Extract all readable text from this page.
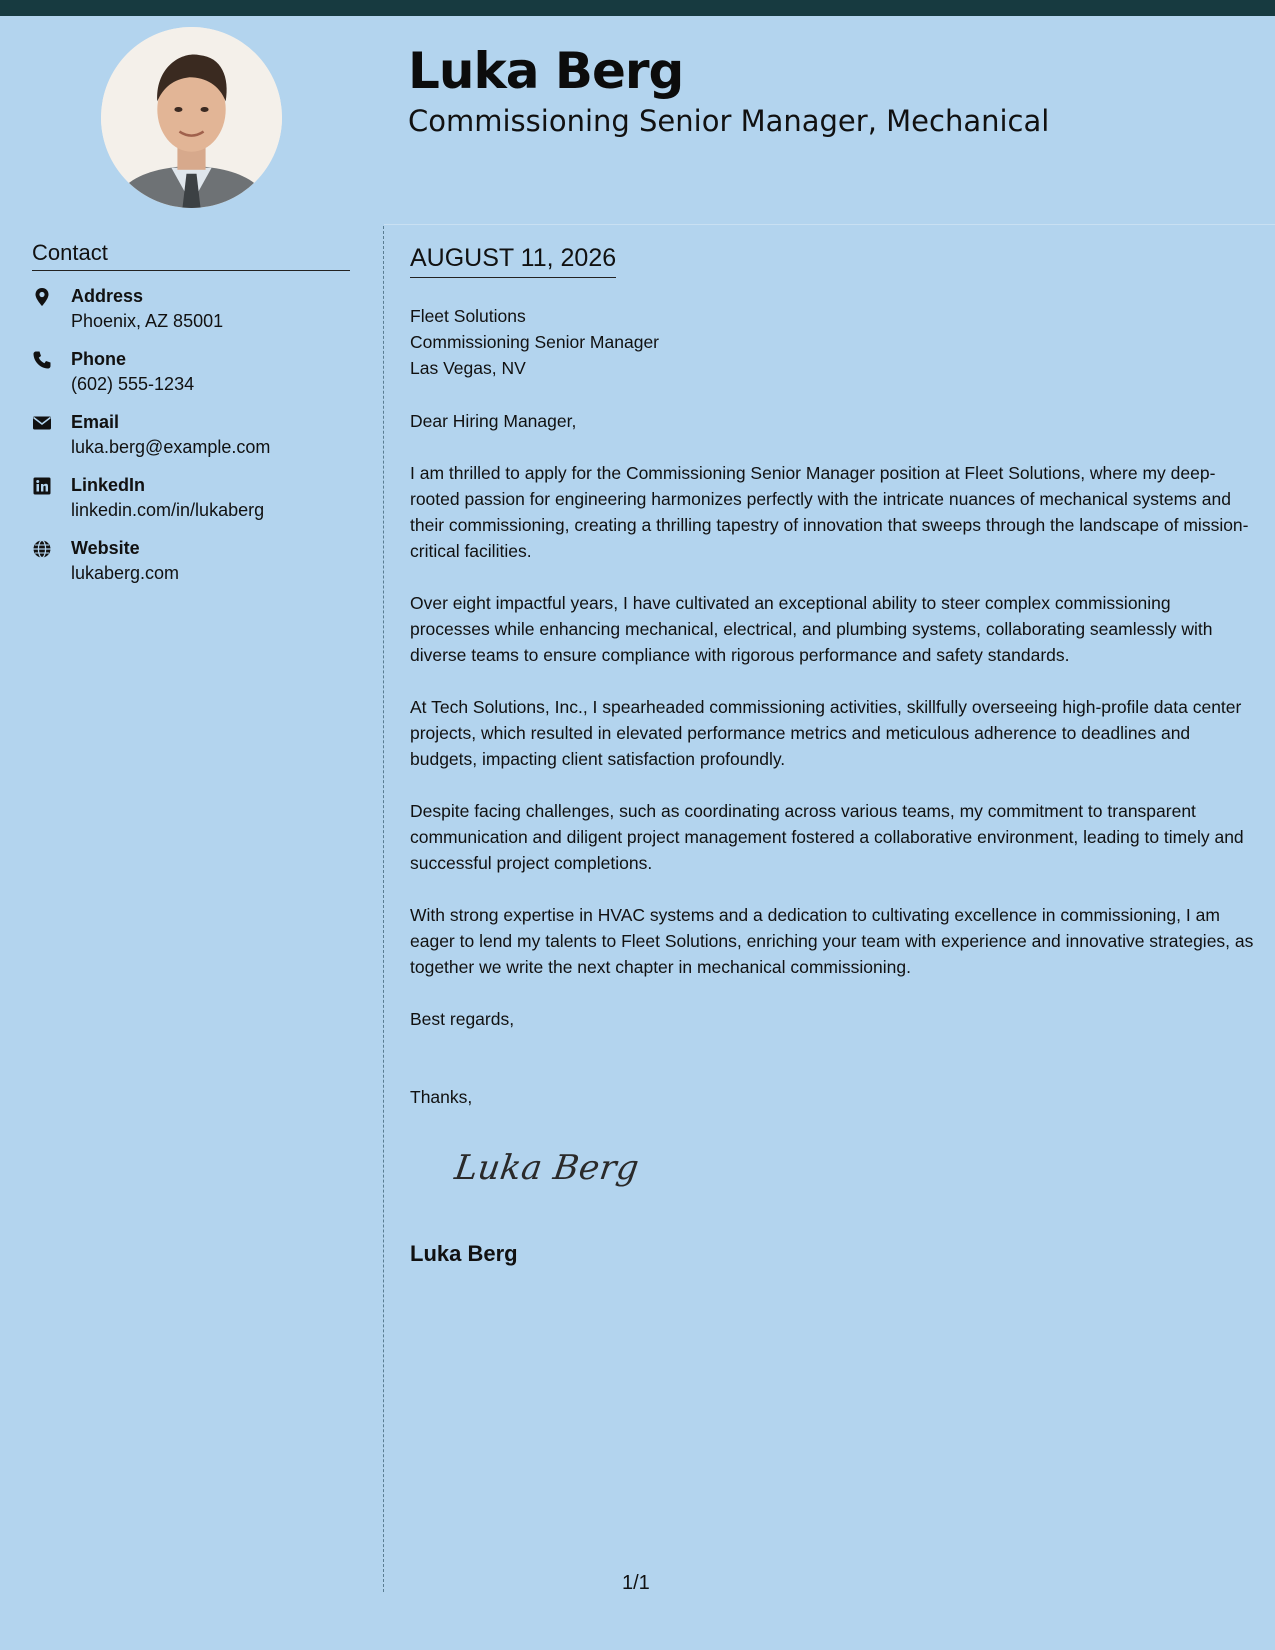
Luka Berg
Commissioning Senior Manager, Mechanical
Contact
Address
Phoenix, AZ 85001
Phone
(602) 555-1234
Email
luka.berg@example.com
LinkedIn
linkedin.com/in/lukaberg
Website
lukaberg.com
AUGUST 11, 2026
Fleet Solutions
Commissioning Senior Manager
Las Vegas, NV

Dear Hiring Manager,

I am thrilled to apply for the Commissioning Senior Manager position at Fleet Solutions, where my deep-rooted passion for engineering harmonizes perfectly with the intricate nuances of mechanical systems and their commissioning, creating a thrilling tapestry of innovation that sweeps through the landscape of mission-critical facilities.

Over eight impactful years, I have cultivated an exceptional ability to steer complex commissioning processes while enhancing mechanical, electrical, and plumbing systems, collaborating seamlessly with diverse teams to ensure compliance with rigorous performance and safety standards.

At Tech Solutions, Inc., I spearheaded commissioning activities, skillfully overseeing high-profile data center projects, which resulted in elevated performance metrics and meticulous adherence to deadlines and budgets, impacting client satisfaction profoundly.

Despite facing challenges, such as coordinating across various teams, my commitment to transparent communication and diligent project management fostered a collaborative environment, leading to timely and successful project completions.

With strong expertise in HVAC systems and a dedication to cultivating excellence in commissioning, I am eager to lend my talents to Fleet Solutions, enriching your team with experience and innovative strategies, as together we write the next chapter in mechanical commissioning.

Best regards,

Thanks,

Luka Berg
Luka Berg
1/1
